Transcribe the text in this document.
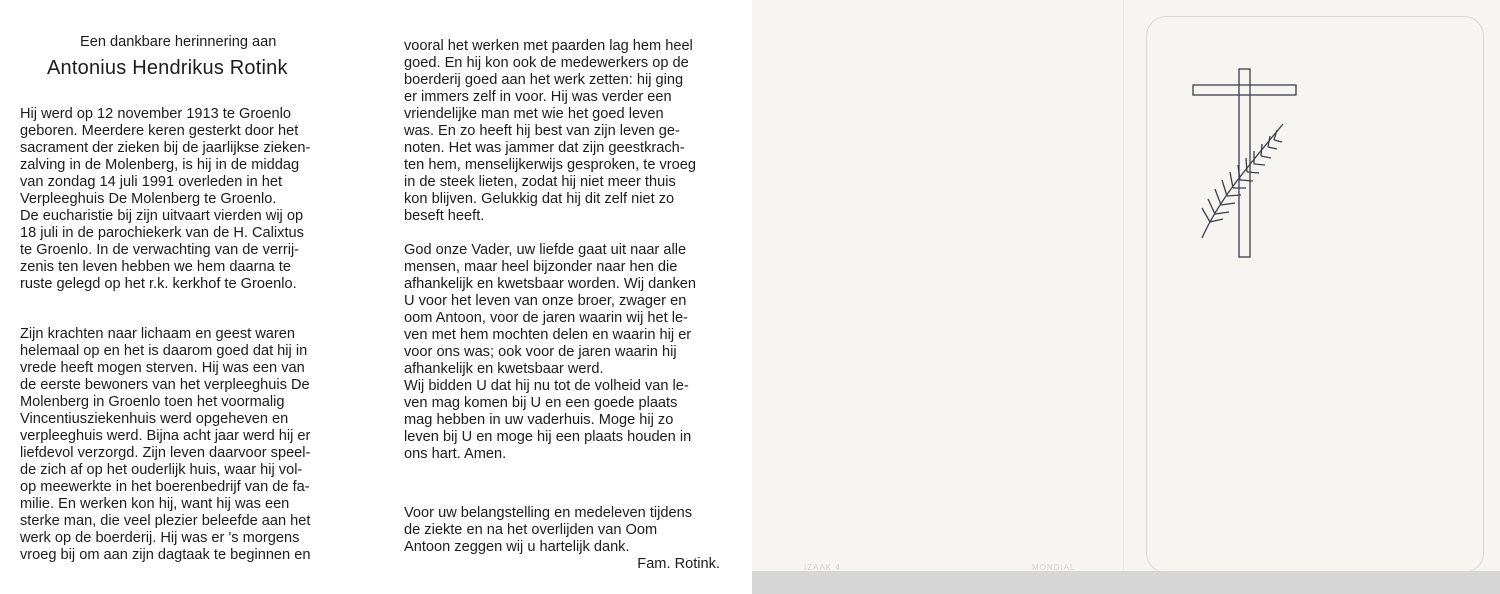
IZAAK 4	MONDIAL
Een dankbare herinnering aan
Antonius Hendrikus Rotink

Hij werd op 12 november 1913 te Groenlo

geboren. Meerdere keren gesterkt door het

sacrament der zieken bij de jaarlijkse zieken-

zalving in de Molenberg, is hij in de middag

van zondag 14 juli 1991 overleden in het

Verpleeghuis De Molenberg te Groenlo.

De eucharistie bij zijn uitvaart vierden wij op

18 juli in de parochiekerk van de H. Calixtus

te Groenlo. In de verwachting van de verrij-

zenis ten leven hebben we hem daarna te

ruste gelegd op het r.k. kerkhof te Groenlo.

Zijn krachten naar lichaam en geest waren

helemaal op en het is daarom goed dat hij in

vrede heeft mogen sterven. Hij was een van

de eerste bewoners van het verpleeghuis De

Molenberg in Groenlo toen het voormalig

Vincentiusziekenhuis werd opgeheven en

verpleeghuis werd. Bijna acht jaar werd hij er

liefdevol verzorgd. Zijn leven daarvoor speel-

de zich af op het ouderlijk huis, waar hij vol-

op meewerkte in het boerenbedrijf van de fa-

milie. En werken kon hij, want hij was een

sterke man, die veel plezier beleefde aan het

werk op de boerderij. Hij was er 's morgens

vroeg bij om aan zijn dagtaak te beginnen en

vooral het werken met paarden lag hem heel

goed. En hij kon ook de medewerkers op de

boerderij goed aan het werk zetten: hij ging

er immers zelf in voor. Hij was verder een

vriendelijke man met wie het goed leven

was. En zo heeft hij best van zijn leven ge-

noten. Het was jammer dat zijn geestkrach-

ten hem, menselijkerwijs gesproken, te vroeg

in de steek lieten, zodat hij niet meer thuis

kon blijven. Gelukkig dat hij dit zelf niet zo

beseft heeft.

God onze Vader, uw liefde gaat uit naar alle

mensen, maar heel bijzonder naar hen die

afhankelijk en kwetsbaar worden. Wij danken

U voor het leven van onze broer, zwager en

oom Antoon, voor de jaren waarin wij het le-

ven met hem mochten delen en waarin hij er

voor ons was; ook voor de jaren waarin hij

afhankelijk en kwetsbaar werd.

Wij bidden U dat hij nu tot de volheid van le-

ven mag komen bij U en een goede plaats

mag hebben in uw vaderhuis. Moge hij zo

leven bij U en moge hij een plaats houden in

ons hart. Amen.

Voor uw belangstelling en medeleven tijdens

de ziekte en na het overlijden van Oom

Antoon zeggen wij u hartelijk dank.

Fam. Rotink.
